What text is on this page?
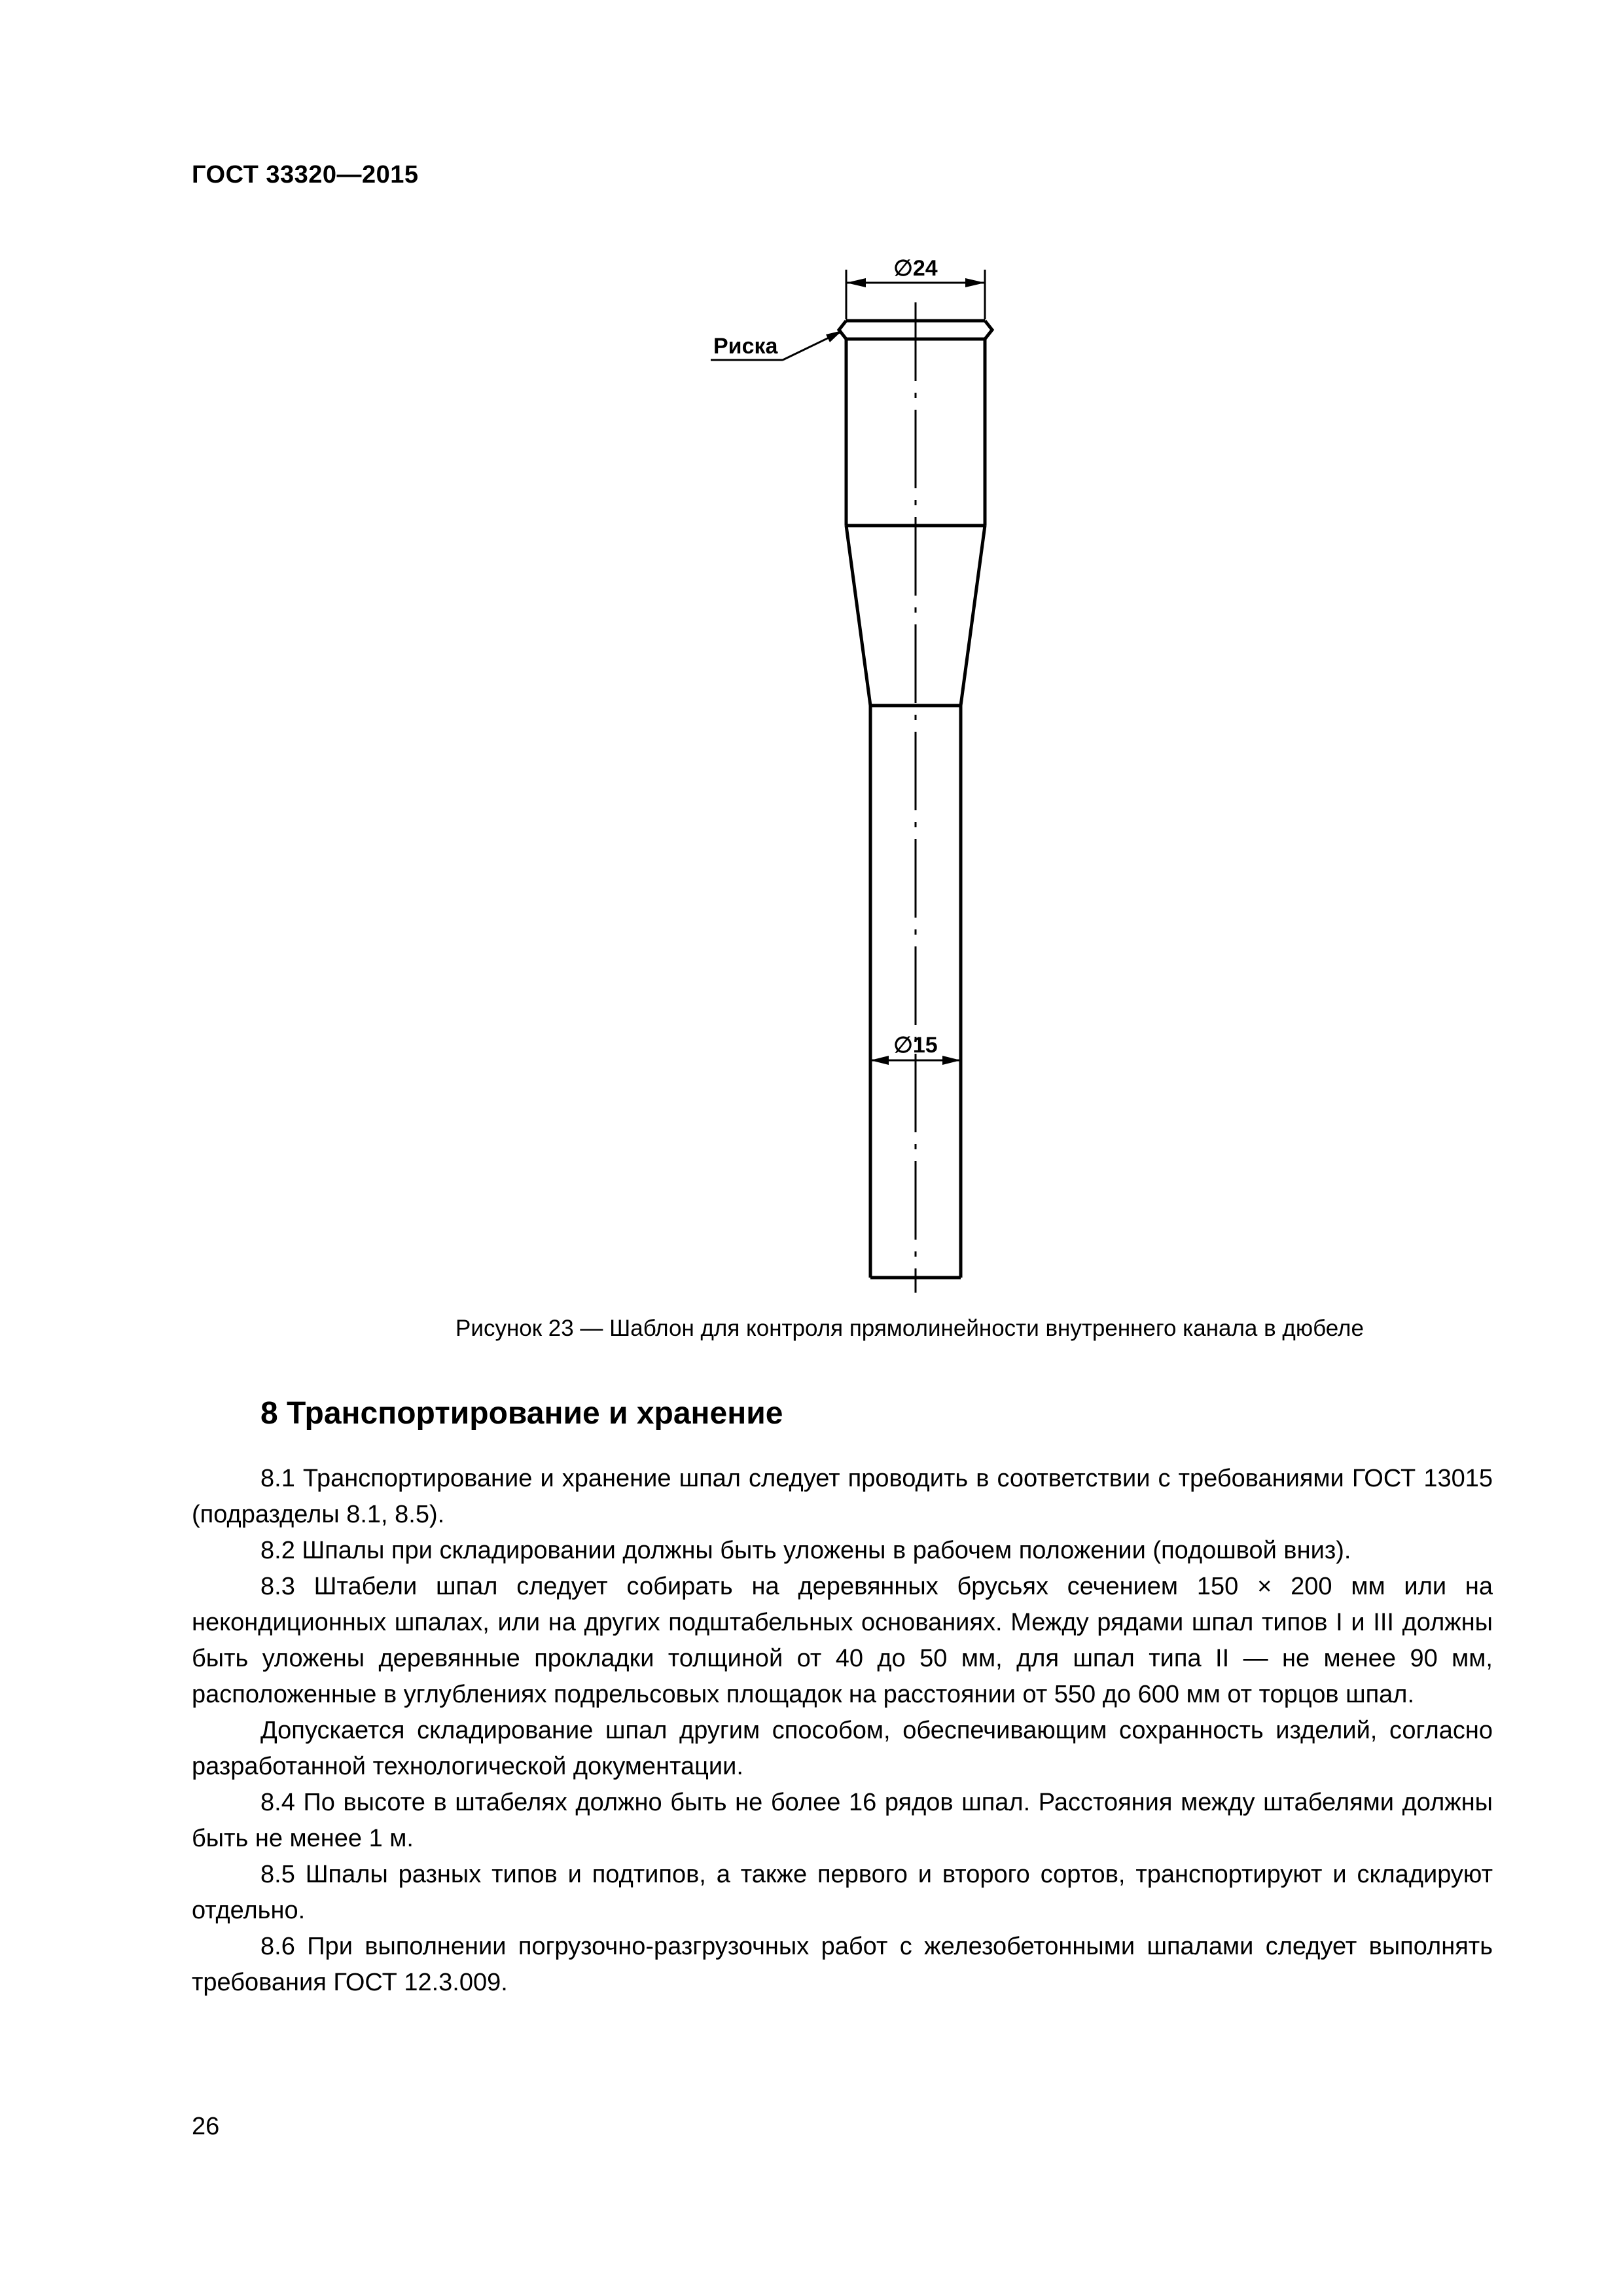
ГОСТ 33320—2015
∅24
Риска
∅15
Рисунок 23 — Шаблон для контроля прямолинейности внутреннего канала в дюбеле
8 Транспортирование и хранение

8.1 Транспортирование и хранение шпал следует проводить в соответствии с требованиями ГОСТ 13015 (подразделы 8.1, 8.5).

8.2 Шпалы при складировании должны быть уложены в рабочем положении (подошвой вниз).

8.3 Штабели шпал следует собирать на деревянных брусьях сечением 150 × 200 мм или на некондиционных шпалах, или на других подштабельных основаниях. Между рядами шпал типов I и III должны быть уложены деревянные прокладки толщиной от 40 до 50 мм, для шпал типа II — не менее 90 мм, расположенные в углублениях подрельсовых площадок на расстоянии от 550 до 600 мм от торцов шпал.

Допускается складирование шпал другим способом, обеспечивающим сохранность изделий, согласно разработанной технологической документации.

8.4 По высоте в штабелях должно быть не более 16 рядов шпал. Расстояния между штабелями должны быть не менее 1 м.

8.5 Шпалы разных типов и подтипов, а также первого и второго сортов, транспортируют и складируют отдельно.

8.6 При выполнении погрузочно-разгрузочных работ с железобетонными шпалами следует выполнять требования ГОСТ 12.3.009.

26
